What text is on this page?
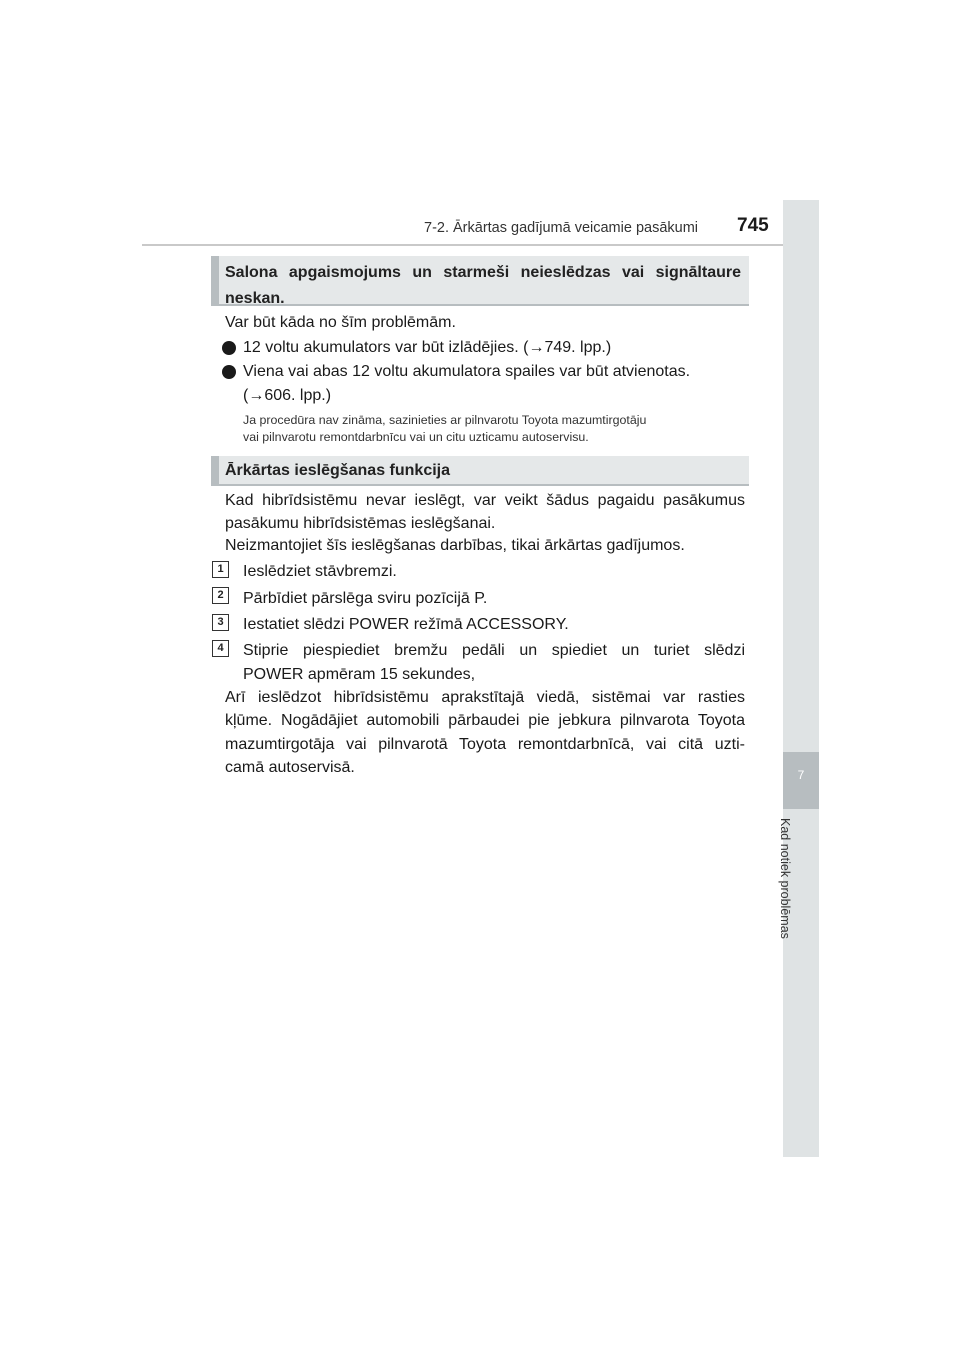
7-2. Ārkārtas gadījumā veicamie pasākumi 745
7
Kad notiek problēmas
Salona apgaismojums un starmeši neieslēdzas vai signāltaure neskan.
Var būt kāda no šīm problēmām.
12 voltu akumulators var būt izlādējies. (→749. lpp.)
Viena vai abas 12 voltu akumulatora spailes var būt atvienotas.
(→606. lpp.)
Ja procedūra nav zināma, sazinieties ar pilnvarotu Toyota mazumtirgotāju
vai pilnvarotu remontdarbnīcu vai un citu uzticamu autoservisu.
Ārkārtas ieslēgšanas funkcija
Kad hibrīdsistēmu nevar ieslēgt, var veikt šādus pagaidu pasākumus
pasākumu hibrīdsistēmas ieslēgšanai.
Neizmantojiet šīs ieslēgšanas darbības, tikai ārkārtas gadījumos.
1	Ieslēdziet stāvbremzi.
2	Pārbīdiet pārslēga sviru pozīcijā P.
3	Iestatiet slēdzi POWER režīmā ACCESSORY.
4	Stiprie piespiediet bremžu pedāli un spiediet un turiet slēdzi
POWER apmēram 15 sekundes,
Arī ieslēdzot hibrīdsistēmu aprakstītajā viedā, sistēmai var rasties
kļūme. Nogādājiet automobili pārbaudei pie jebkura pilnvarota Toyota
mazumtirgotāja vai pilnvarotā Toyota remontdarbnīcā, vai citā uzti-
camā autoservisā.
